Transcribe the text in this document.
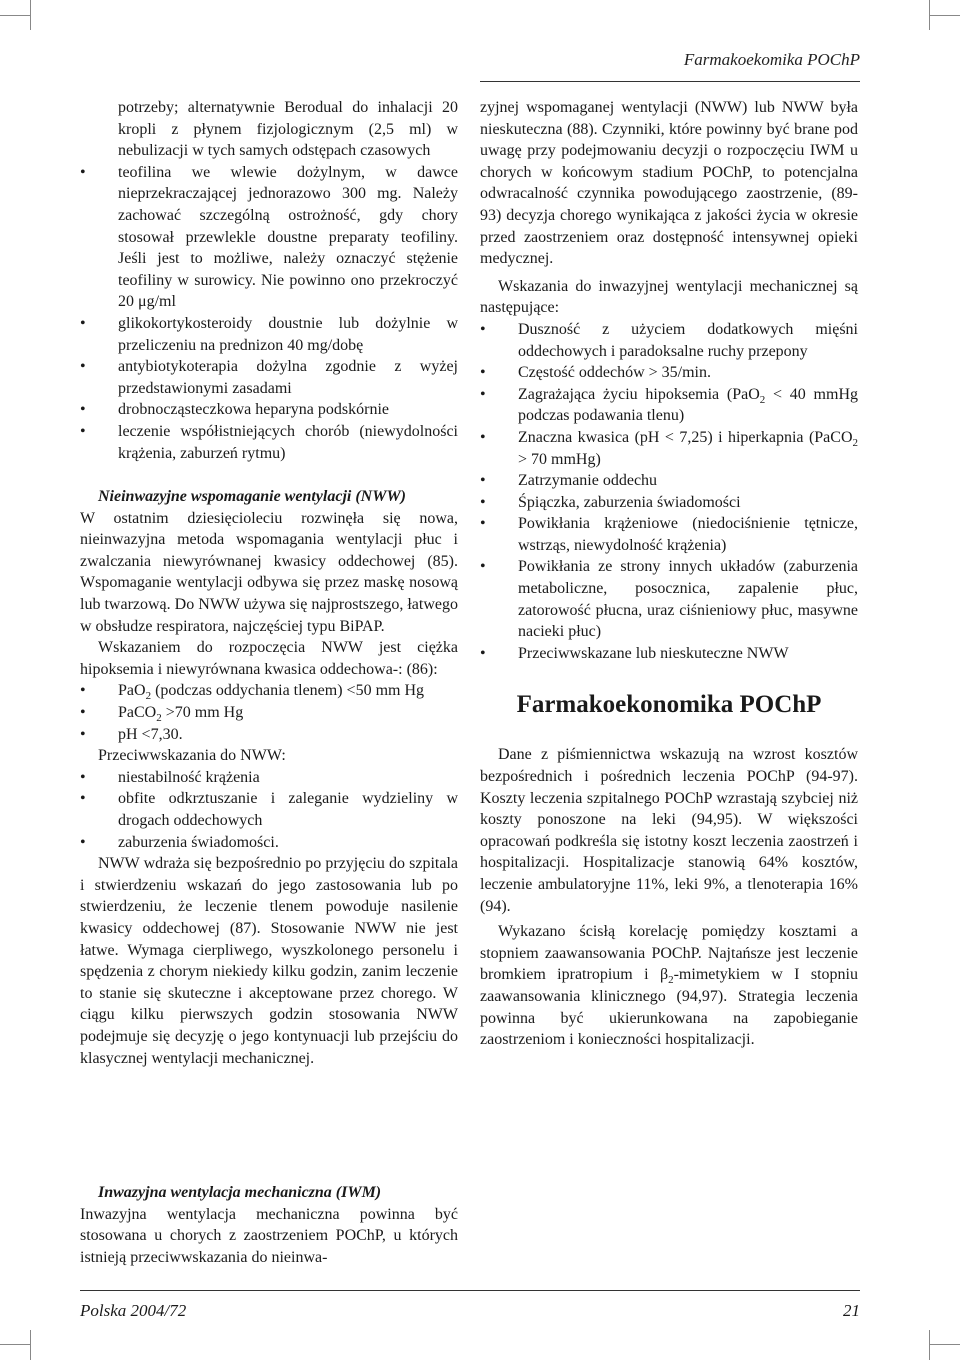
Farmakoekomika POChP

potrzeby; alternatywnie Berodual do inhalacji 20 kropli z płynem fizjologicznym (2,5 ml) w nebulizacji w tych samych odstępach czasowych

• teofilina we wlewie dożylnym, w dawce nieprzekraczającej jednorazowo 300 mg. Należy zachować szczególną ostrożność, gdy chory stosował przewlekle doustne preparaty teofiliny. Jeśli jest to możliwe, należy oznaczyć stężenie teofiliny w surowicy. Nie powinno ono przekroczyć 20 μg/ml
• glikokortykosteroidy doustnie lub dożylnie w przeliczeniu na prednizon 40 mg/dobę
• antybiotykoterapia dożylna zgodnie z wyżej przedstawionymi zasadami
• drobnocząsteczkowa heparyna podskórnie
• leczenie współistniejących chorób (niewydolności krążenia, zaburzeń rytmu)
Nieinwazyjne wspomaganie wentylacji (NWW)

W ostatnim dziesięcioleciu rozwinęła się nowa, nieinwazyjna metoda wspomagania wentylacji płuc i zwalczania niewyrównanej kwasicy oddechowej (85). Wspomaganie wentylacji odbywa się przez maskę nosową lub twarzową. Do NWW używa się najprostszego, łatwego w obsłudze respiratora, najczęściej typu BiPAP.

Wskazaniem do rozpoczęcia NWW jest ciężka hipoksemia i niewyrównana kwasica oddechowa-: (86):

• PaO$_2$ (podczas oddychania tlenem) <50 mm Hg
• PaCO$_2$ >70 mm Hg
• pH <7,30.

Przeciwwskazania do NWW:

• niestabilność krążenia
• obfite odkrztuszanie i zaleganie wydzieliny w drogach oddechowych
• zaburzenia świadomości.

NWW wdraża się bezpośrednio po przyjęciu do szpitala i stwierdzeniu wskazań do jego zastosowania lub po stwierdzeniu, że leczenie tlenem powoduje nasilenie kwasicy oddechowej (87). Stosowanie NWW nie jest łatwe. Wymaga cierpliwego, wyszkolonego personelu i spędzenia z chorym niekiedy kilku godzin, zanim leczenie to stanie się skuteczne i akceptowane przez chorego. W ciągu kilku pierwszych godzin stosowania NWW podejmuje się decyzję o jego kontynuacji lub przejściu do klasycznej wentylacji mechanicznej.

Inwazyjna wentylacja mechaniczna (IWM)

Inwazyjna wentylacja mechaniczna powinna być stosowana u chorych z zaostrzeniem POChP, u których istnieją przeciwwskazania do nieinwa-

zyjnej wspomaganej wentylacji (NWW) lub NWW była nieskuteczna (88). Czynniki, które powinny być brane pod uwagę przy podejmowaniu decyzji o rozpoczęciu IWM u chorych w końcowym stadium POChP, to potencjalna odwracalność czynnika powodującego zaostrzenie, (89-93) decyzja chorego wynikająca z jakości życia w okresie przed zaostrzeniem oraz dostępność intensywnej opieki medycznej.

Wskazania do inwazyjnej wentylacji mechanicznej są następujące:

• Duszność z użyciem dodatkowych mięśni oddechowych i paradoksalne ruchy przepony
• Częstość oddechów > 35/min.
• Zagrażająca życiu hipoksemia (PaO$_2$ < 40 mmHg podczas podawania tlenu)
• Znaczna kwasica (pH < 7,25) i hiperkapnia (PaCO$_2$ > 70 mmHg)
• Zatrzymanie oddechu
• Śpiączka, zaburzenia świadomości
• Powikłania krążeniowe (niedociśnienie tętnicze, wstrząs, niewydolność krążenia)
• Powikłania ze strony innych układów (zaburzenia metaboliczne, posocznica, zapalenie płuc, zatorowość płucna, uraz ciśnieniowy płuc, masywne nacieki płuc)
• Przeciwwskazane lub nieskuteczne NWW
Farmakoekonomika POChP

Dane z piśmiennictwa wskazują na wzrost kosztów bezpośrednich i pośrednich leczenia POChP (94-97). Koszty leczenia szpitalnego POChP wzrastają szybciej niż koszty ponoszone na leki (94,95). W większości opracowań podkreśla się istotny koszt leczenia zaostrzeń i hospitalizacji. Hospitalizacje stanowią 64% kosztów, leczenie ambulatoryjne 11%, leki 9%, a tlenoterapia 16% (94).

Wykazano ścisłą korelację pomiędzy kosztami a stopniem zaawansowania POChP. Najtańsze jest leczenie bromkiem ipratropium i $\beta_2$-mimetykiem w I stopniu zaawansowania klinicznego (94,97). Strategia leczenia powinna być ukierunkowana na zapobieganie zaostrzeniom i konieczności hospitalizacji.

Polska 2004/72	21
